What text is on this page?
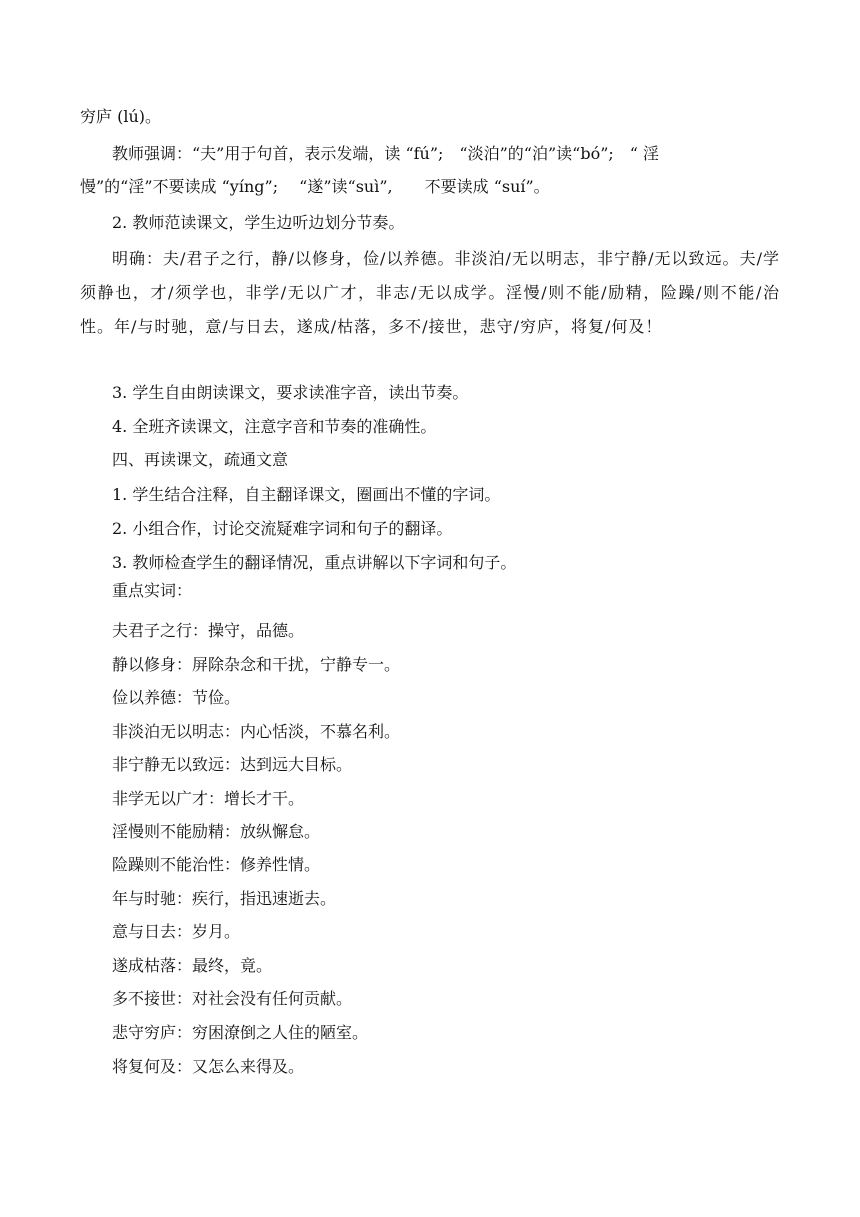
穷庐 (lú)。
教师强调：“夫”用于句首，表示发端，读 “fú”;　“淡泊”的“泊”读“bó”;　“ 淫
慢”的“淫”不要读成 “yíng”;　 “遂”读“suì”,　　不要读成 “suí”。
2. 教师范读课文，学生边听边划分节奏。
明确：夫/君子之行，静/以修身，俭/以养德。非淡泊/无以明志，非宁静/无以致远。夫/学须静也，才/须学也，非学/无以广才，非志/无以成学。淫慢/则不能/励精，险躁/则不能/治性。年/与时驰，意/与日去，遂成/枯落，多不/接世，悲守/穷庐，将复/何及！
3. 学生自由朗读课文，要求读准字音，读出节奏。
4. 全班齐读课文，注意字音和节奏的准确性。
四、再读课文，疏通文意
1. 学生结合注释，自主翻译课文，圈画出不懂的字词。
2. 小组合作，讨论交流疑难字词和句子的翻译。
3. 教师检查学生的翻译情况，重点讲解以下字词和句子。
重点实词：
夫君子之行：操守，品德。
静以修身：屏除杂念和干扰，宁静专一。
俭以养德：节俭。
非淡泊无以明志：内心恬淡，不慕名利。
非宁静无以致远：达到远大目标。
非学无以广才：增长才干。
淫慢则不能励精：放纵懈怠。
险躁则不能治性：修养性情。
年与时驰：疾行，指迅速逝去。
意与日去：岁月。
遂成枯落：最终，竟。
多不接世：对社会没有任何贡献。
悲守穷庐：穷困潦倒之人住的陋室。
将复何及：又怎么来得及。
